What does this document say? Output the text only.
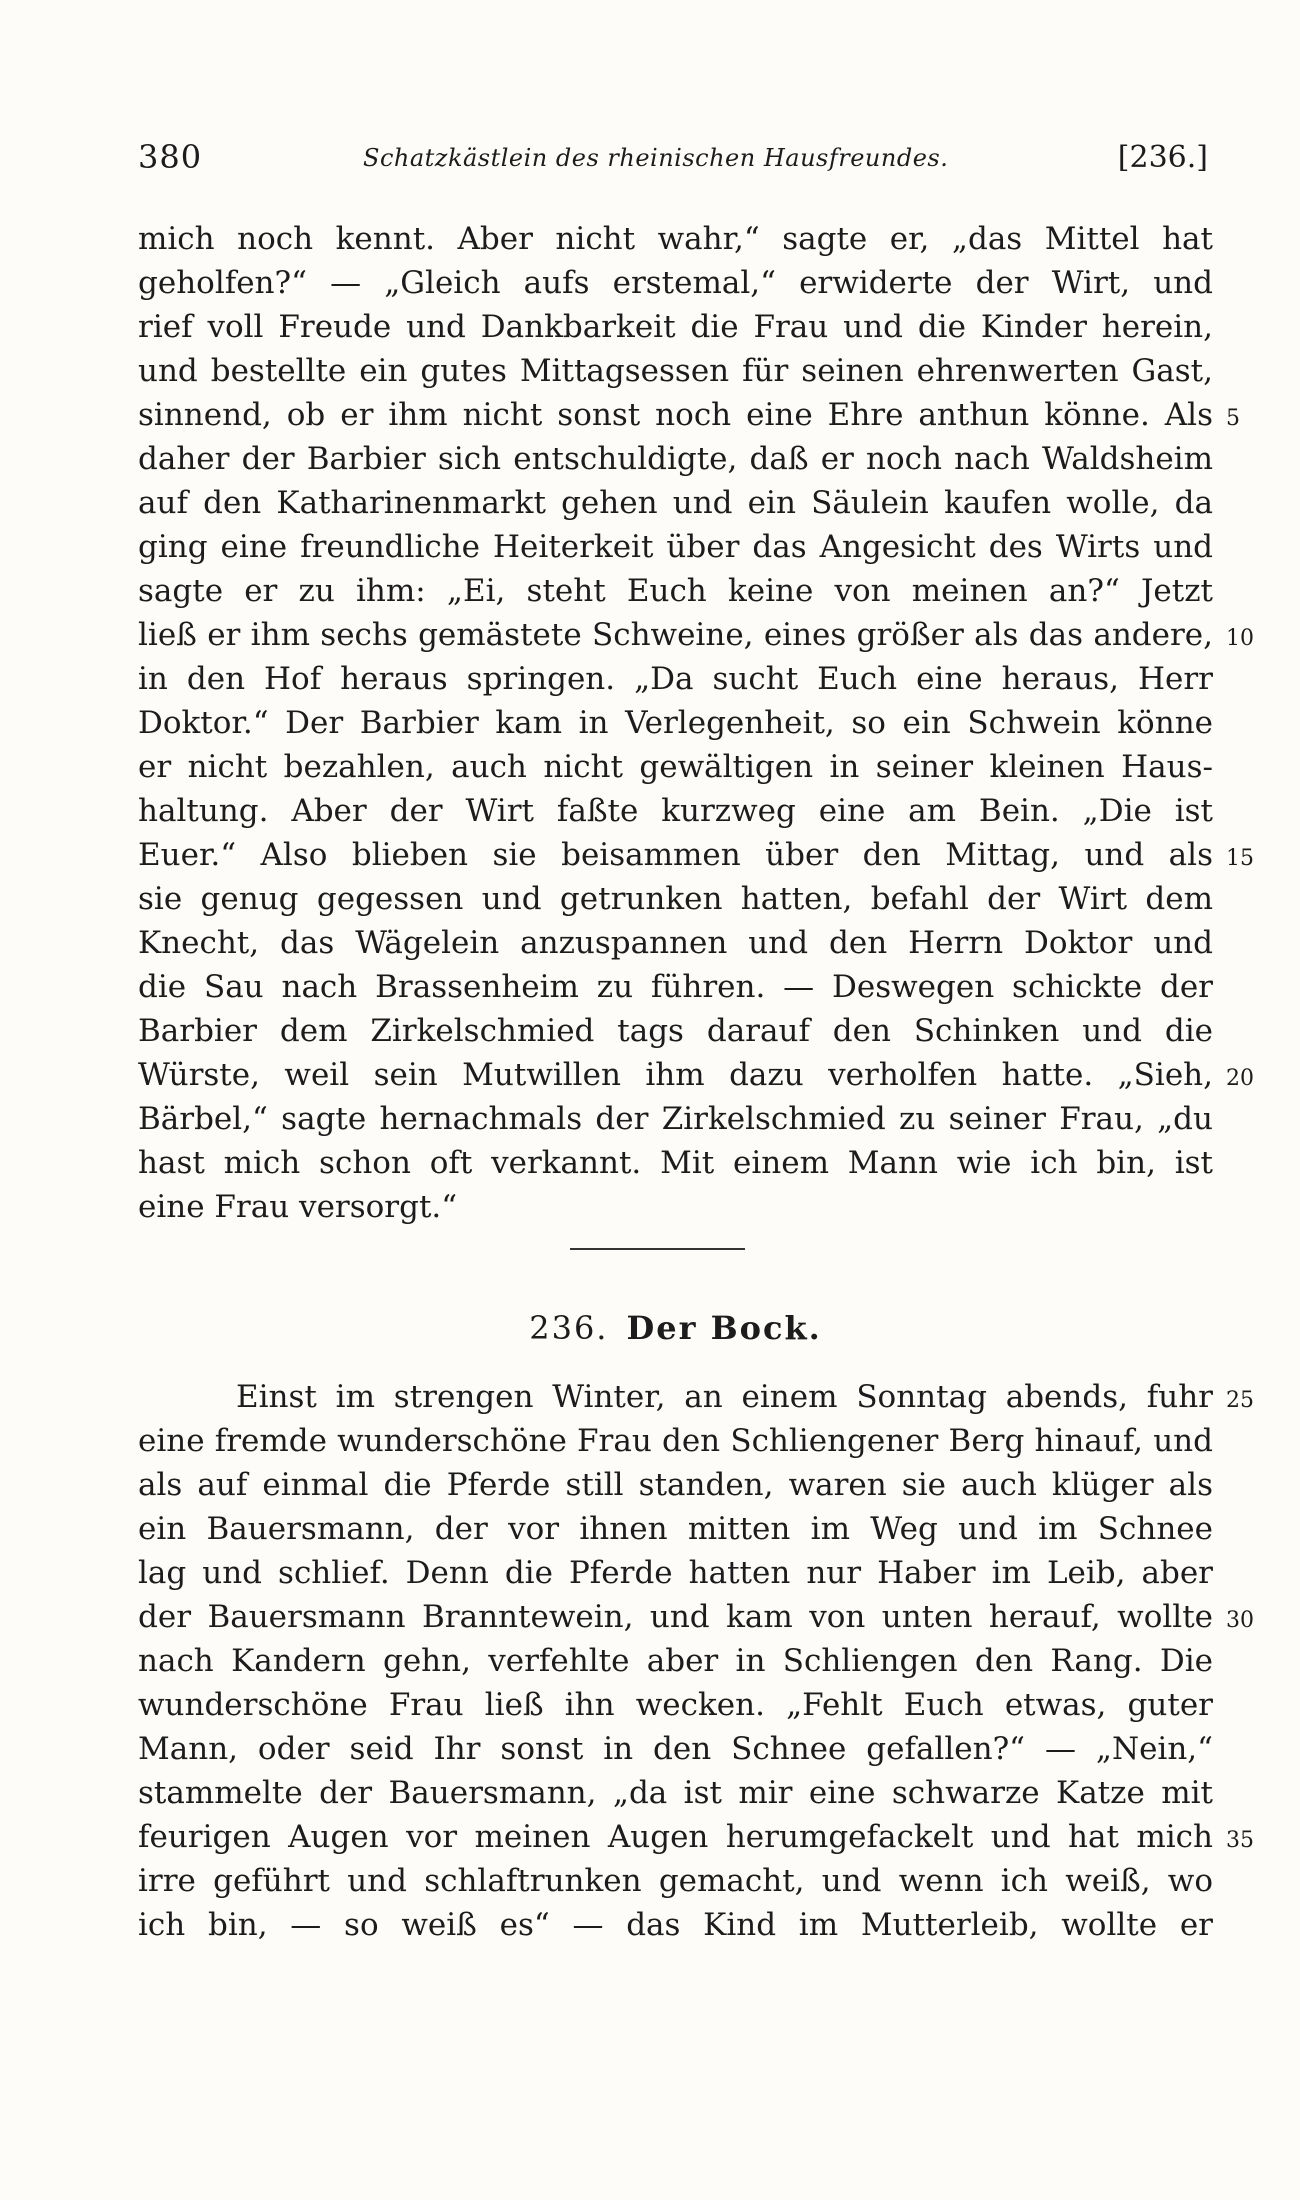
380	Schatzkästlein des rheinischen Hausfreundes.	[236.]
mich noch kennt. Aber nicht wahr,“ sagte er, „das Mittel hat
geholfen?“ — „Gleich aufs erstemal,“ erwiderte der Wirt, und
rief voll Freude und Dankbarkeit die Frau und die Kinder herein,
und bestellte ein gutes Mittagsessen für seinen ehrenwerten Gast,
sinnend, ob er ihm nicht sonst noch eine Ehre anthun könne. Als
daher der Barbier sich entschuldigte, daß er noch nach Waldsheim
auf den Katharinenmarkt gehen und ein Säulein kaufen wolle, da
ging eine freundliche Heiterkeit über das Angesicht des Wirts und
sagte er zu ihm: „Ei, steht Euch keine von meinen an?“ Jetzt
ließ er ihm sechs gemästete Schweine, eines größer als das andere,
in den Hof heraus springen. „Da sucht Euch eine heraus, Herr
Doktor.“ Der Barbier kam in Verlegenheit, so ein Schwein könne
er nicht bezahlen, auch nicht gewältigen in seiner kleinen Haus-
haltung. Aber der Wirt faßte kurzweg eine am Bein. „Die ist
Euer.“ Also blieben sie beisammen über den Mittag, und als
sie genug gegessen und getrunken hatten, befahl der Wirt dem
Knecht, das Wägelein anzuspannen und den Herrn Doktor und
die Sau nach Brassenheim zu führen. — Deswegen schickte der
Barbier dem Zirkelschmied tags darauf den Schinken und die
Würste, weil sein Mutwillen ihm dazu verholfen hatte. „Sieh,
Bärbel,“ sagte hernachmals der Zirkelschmied zu seiner Frau, „du
hast mich schon oft verkannt. Mit einem Mann wie ich bin, ist
eine Frau versorgt.“
236. Der Bock.
Einst im strengen Winter, an einem Sonntag abends, fuhr
eine fremde wunderschöne Frau den Schliengener Berg hinauf, und
als auf einmal die Pferde still standen, waren sie auch klüger als
ein Bauersmann, der vor ihnen mitten im Weg und im Schnee
lag und schlief. Denn die Pferde hatten nur Haber im Leib, aber
der Bauersmann Branntewein, und kam von unten herauf, wollte
nach Kandern gehn, verfehlte aber in Schliengen den Rang. Die
wunderschöne Frau ließ ihn wecken. „Fehlt Euch etwas, guter
Mann, oder seid Ihr sonst in den Schnee gefallen?“ — „Nein,“
stammelte der Bauersmann, „da ist mir eine schwarze Katze mit
feurigen Augen vor meinen Augen herumgefackelt und hat mich
irre geführt und schlaftrunken gemacht, und wenn ich weiß, wo
ich bin, — so weiß es“ — das Kind im Mutterleib, wollte er
5
10
15
20
25
30
35
